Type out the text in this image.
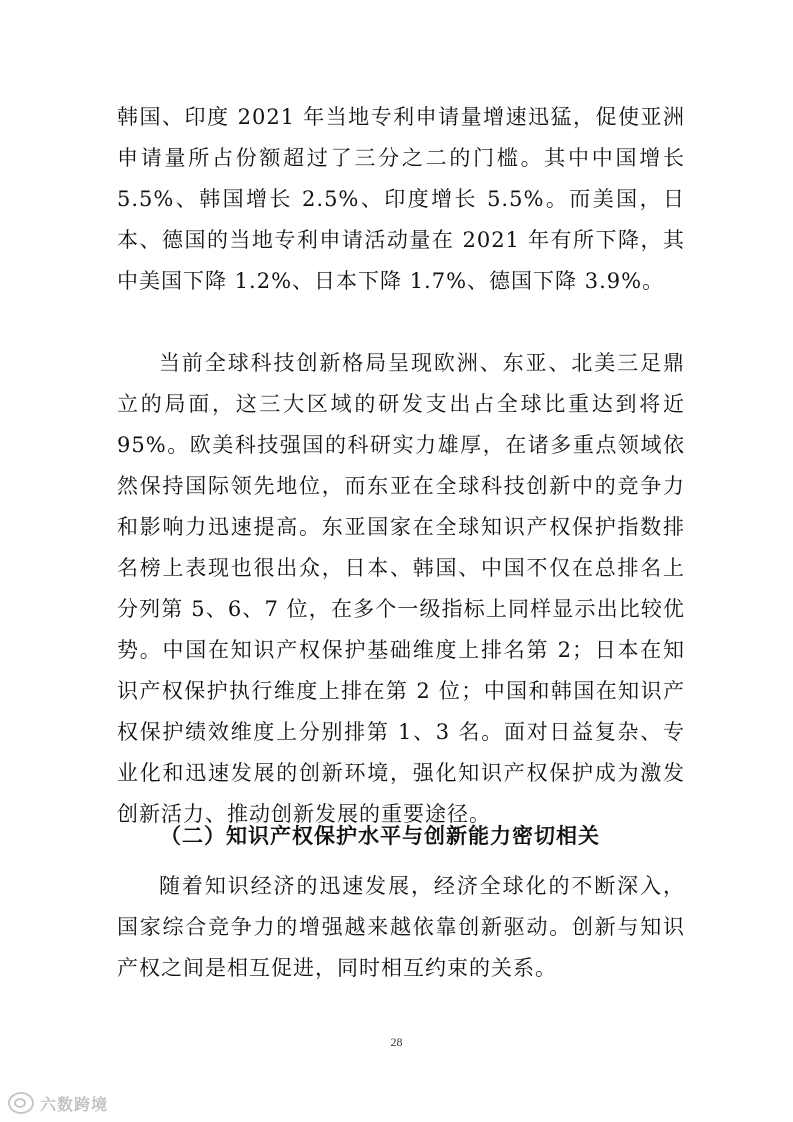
韩国、印度 2021 年当地专利申请量增速迅猛，促使亚洲申请量所占份额超过了三分之二的门槛。其中中国增长 5.5%、韩国增长 2.5%、印度增长 5.5%。而美国，日本、德国的当地专利申请活动量在 2021 年有所下降，其中美国下降 1.2%、日本下降 1.7%、德国下降 3.9%。

当前全球科技创新格局呈现欧洲、东亚、北美三足鼎立的局面，这三大区域的研发支出占全球比重达到将近 95%。欧美科技强国的科研实力雄厚，在诸多重点领域依然保持国际领先地位，而东亚在全球科技创新中的竞争力和影响力迅速提高。东亚国家在全球知识产权保护指数排名榜上表现也很出众，日本、韩国、中国不仅在总排名上分列第 5、6、7 位，在多个一级指标上同样显示出比较优势。中国在知识产权保护基础维度上排名第 2；日本在知识产权保护执行维度上排在第 2 位；中国和韩国在知识产权保护绩效维度上分别排第 1、3 名。面对日益复杂、专业化和迅速发展的创新环境，强化知识产权保护成为激发创新活力、推动创新发展的重要途径。

（二）知识产权保护水平与创新能力密切相关

随着知识经济的迅速发展，经济全球化的不断深入，国家综合竞争力的增强越来越依靠创新驱动。创新与知识产权之间是相互促进，同时相互约束的关系。

28
六数跨境
